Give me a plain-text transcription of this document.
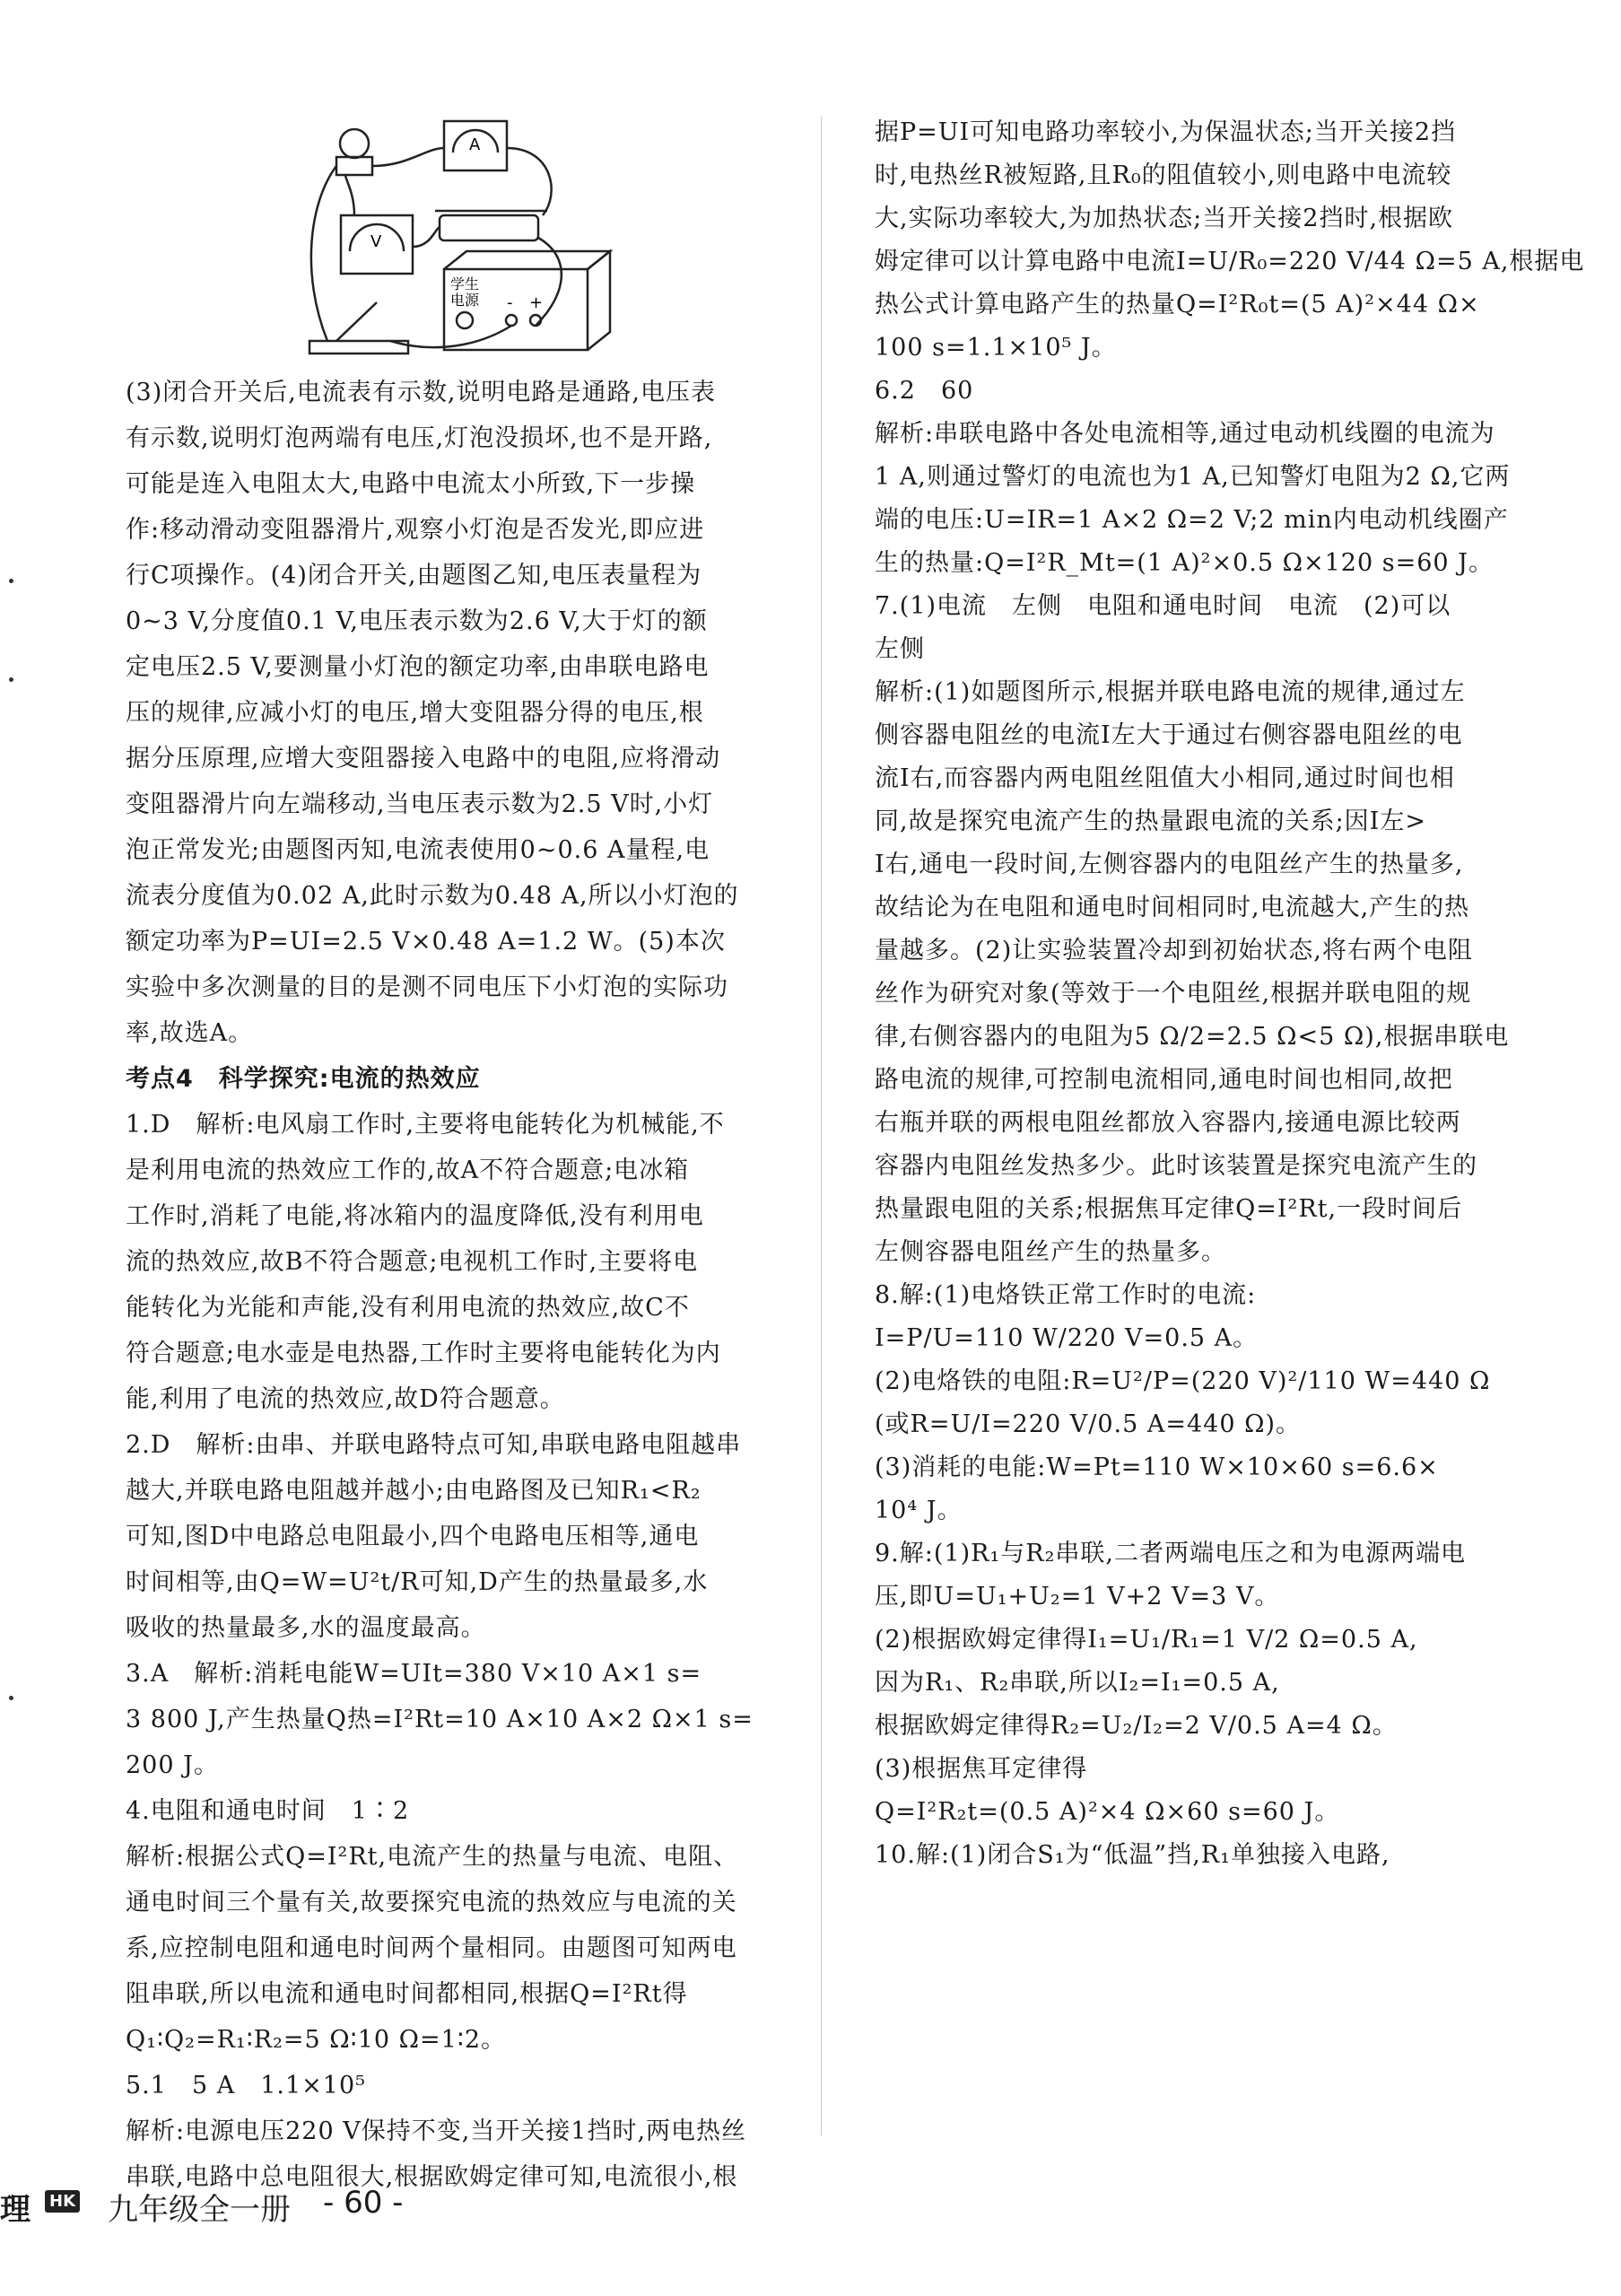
A
V
学生
电源 - +
(3)闭合开关后,电流表有示数,说明电路是通路,电压表
有示数,说明灯泡两端有电压,灯泡没损坏,也不是开路,
可能是连入电阻太大,电路中电流太小所致,下一步操
作:移动滑动变阻器滑片,观察小灯泡是否发光,即应进
行C项操作。(4)闭合开关,由题图乙知,电压表量程为
0~3 V,分度值0.1 V,电压表示数为2.6 V,大于灯的额
定电压2.5 V,要测量小灯泡的额定功率,由串联电路电
压的规律,应减小灯的电压,增大变阻器分得的电压,根
据分压原理,应增大变阻器接入电路中的电阻,应将滑动
变阻器滑片向左端移动,当电压表示数为2.5 V时,小灯
泡正常发光;由题图丙知,电流表使用0~0.6 A量程,电
流表分度值为0.02 A,此时示数为0.48 A,所以小灯泡的
额定功率为P=UI=2.5 V×0.48 A=1.2 W。(5)本次
实验中多次测量的目的是测不同电压下小灯泡的实际功
率,故选A。
考点4　科学探究:电流的热效应
1.D　解析:电风扇工作时,主要将电能转化为机械能,不
是利用电流的热效应工作的,故A不符合题意;电冰箱
工作时,消耗了电能,将冰箱内的温度降低,没有利用电
流的热效应,故B不符合题意;电视机工作时,主要将电
能转化为光能和声能,没有利用电流的热效应,故C不
符合题意;电水壶是电热器,工作时主要将电能转化为内
能,利用了电流的热效应,故D符合题意。
2.D　解析:由串、并联电路特点可知,串联电路电阻越串
越大,并联电路电阻越并越小;由电路图及已知R₁<R₂
可知,图D中电路总电阻最小,四个电路电压相等,通电
时间相等,由Q=W=U²t/R可知,D产生的热量最多,水
吸收的热量最多,水的温度最高。
3.A　解析:消耗电能W=UIt=380 V×10 A×1 s=
3 800 J,产生热量Q热=I²Rt=10 A×10 A×2 Ω×1 s=
200 J。
4.电阻和通电时间　1∶2
解析:根据公式Q=I²Rt,电流产生的热量与电流、电阻、
通电时间三个量有关,故要探究电流的热效应与电流的关
系,应控制电阻和通电时间两个量相同。由题图可知两电
阻串联,所以电流和通电时间都相同,根据Q=I²Rt得
Q₁∶Q₂=R₁∶R₂=5 Ω∶10 Ω=1∶2。
5.1　5 A　1.1×10⁵
解析:电源电压220 V保持不变,当开关接1挡时,两电热丝
串联,电路中总电阻很大,根据欧姆定律可知,电流很小,根
据P=UI可知电路功率较小,为保温状态;当开关接2挡
时,电热丝R被短路,且R₀的阻值较小,则电路中电流较
大,实际功率较大,为加热状态;当开关接2挡时,根据欧
姆定律可以计算电路中电流I=U/R₀=220 V/44 Ω=5 A,根据电
热公式计算电路产生的热量Q=I²R₀t=(5 A)²×44 Ω×
100 s=1.1×10⁵ J。
6.2　60
解析:串联电路中各处电流相等,通过电动机线圈的电流为
1 A,则通过警灯的电流也为1 A,已知警灯电阻为2 Ω,它两
端的电压:U=IR=1 A×2 Ω=2 V;2 min内电动机线圈产
生的热量:Q=I²R_Mt=(1 A)²×0.5 Ω×120 s=60 J。
7.(1)电流　左侧　电阻和通电时间　电流　(2)可以
左侧
解析:(1)如题图所示,根据并联电路电流的规律,通过左
侧容器电阻丝的电流I左大于通过右侧容器电阻丝的电
流I右,而容器内两电阻丝阻值大小相同,通过时间也相
同,故是探究电流产生的热量跟电流的关系;因I左>
I右,通电一段时间,左侧容器内的电阻丝产生的热量多,
故结论为在电阻和通电时间相同时,电流越大,产生的热
量越多。(2)让实验装置冷却到初始状态,将右两个电阻
丝作为研究对象(等效于一个电阻丝,根据并联电阻的规
律,右侧容器内的电阻为5 Ω/2=2.5 Ω<5 Ω),根据串联电
路电流的规律,可控制电流相同,通电时间也相同,故把
右瓶并联的两根电阻丝都放入容器内,接通电源比较两
容器内电阻丝发热多少。此时该装置是探究电流产生的
热量跟电阻的关系;根据焦耳定律Q=I²Rt,一段时间后
左侧容器电阻丝产生的热量多。
8.解:(1)电烙铁正常工作时的电流:
I=P/U=110 W/220 V=0.5 A。
(2)电烙铁的电阻:R=U²/P=(220 V)²/110 W=440 Ω
(或R=U/I=220 V/0.5 A=440 Ω)。
(3)消耗的电能:W=Pt=110 W×10×60 s=6.6×
10⁴ J。
9.解:(1)R₁与R₂串联,二者两端电压之和为电源两端电
压,即U=U₁+U₂=1 V+2 V=3 V。
(2)根据欧姆定律得I₁=U₁/R₁=1 V/2 Ω=0.5 A,
因为R₁、R₂串联,所以I₂=I₁=0.5 A,
根据欧姆定律得R₂=U₂/I₂=2 V/0.5 A=4 Ω。
(3)根据焦耳定律得
Q=I²R₂t=(0.5 A)²×4 Ω×60 s=60 J。
10.解:(1)闭合S₁为“低温”挡,R₁单独接入电路,
理 HK 九年级全一册 - 60 -
